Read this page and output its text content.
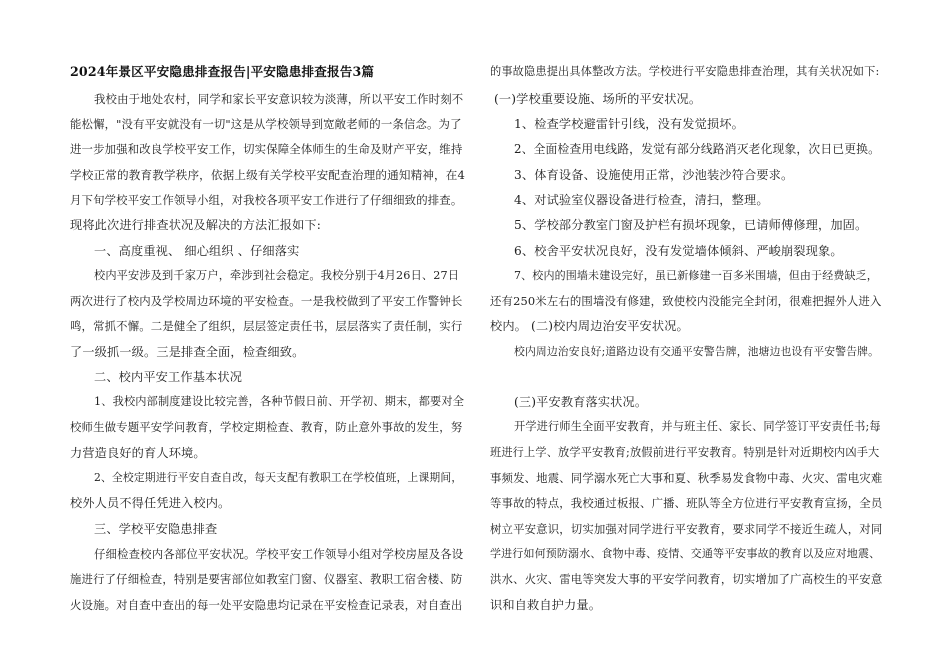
2024年景区平安隐患排查报告|平安隐患排查报告3篇
我校由于地处农村，同学和家长平安意识较为淡薄，所以平安工作时刻不
能松懈，"没有平安就没有一切"这是从学校领导到宽敞老师的一条信念。为了
进一步加强和改良学校平安工作，切实保障全体师生的生命及财产平安，维持
学校正常的教育教学秩序，依据上级有关学校平安配查治理的通知精神，在4
月下旬学校平安工作领导小组，对我校各项平安工作进行了仔细细致的排查。
现将此次进行排查状况及解决的方法汇报如下:
一、高度重视、 细心组织 、仔细落实
校内平安涉及到千家万户，牵涉到社会稳定。我校分别于4月26日、27日
两次进行了校内及学校周边环境的平安检查。一是我校做到了平安工作警钟长
鸣，常抓不懈。二是健全了组织，层层签定责任书，层层落实了责任制，实行
了一级抓一级。三是排查全面，检查细致。
二、校内平安工作基本状况
1、我校内部制度建设比较完善，各种节假日前、开学初、期末，都要对全
校师生做专题平安学问教育，学校定期检查、教育，防止意外事故的发生，努
力营造良好的育人环境。
2、全校定期进行平安自查自改，每天支配有教职工在学校值班，上课期间，
校外人员不得任凭进入校内。
三、学校平安隐患排查
仔细检查校内各部位平安状况。学校平安工作领导小组对学校房屋及各设
施进行了仔细检查，特别是要害部位如教室门窗、仪器室、教职工宿舍楼、防
火设施。对自查中查出的每一处平安隐患均记录在平安检查记录表，对自查出
的事故隐患提出具体整改方法。学校进行平安隐患排查治理，其有关状况如下:
(一)学校重要设施、场所的平安状况。
1、检查学校避雷针引线，没有发觉损坏。
2、全面检查用电线路，发觉有部分线路消灭老化现象，次日已更换。
3、体育设备、设施使用正常，沙池装沙符合要求。
4、对试验室仪器设备进行检查，清扫，整理。
5、学校部分教室门窗及护栏有损坏现象，已请师傅修理，加固。
6、校舍平安状况良好，没有发觉墙体倾斜、严峻崩裂现象。
7、校内的围墙未建设完好，虽已新修建一百多米围墙，但由于经费缺乏，
还有250米左右的围墙没有修建，致使校内没能完全封闭，很难把握外人进入
校内。 (二)校内周边治安平安状况。
校内周边治安良好;道路边设有交通平安警告牌，池塘边也设有平安警告牌。
(三)平安教育落实状况。
开学进行师生全面平安教育，并与班主任、家长、同学签订平安责任书;每
班进行上学、放学平安教育;放假前进行平安教育。特别是针对近期校内凶手大
事频发、地震、同学溺水死亡大事和夏、秋季易发食物中毒、火灾、雷电灾难
等事故的特点，我校通过板报、广播、班队等全方位进行平安教育宣扬，全员
树立平安意识，切实加强对同学进行平安教育，要求同学不接近生疏人，对同
学进行如何预防溺水、食物中毒、疫情、交通等平安事故的教育以及应对地震、
洪水、火灾、雷电等突发大事的平安学问教育，切实增加了广高校生的平安意
识和自救自护力量。
